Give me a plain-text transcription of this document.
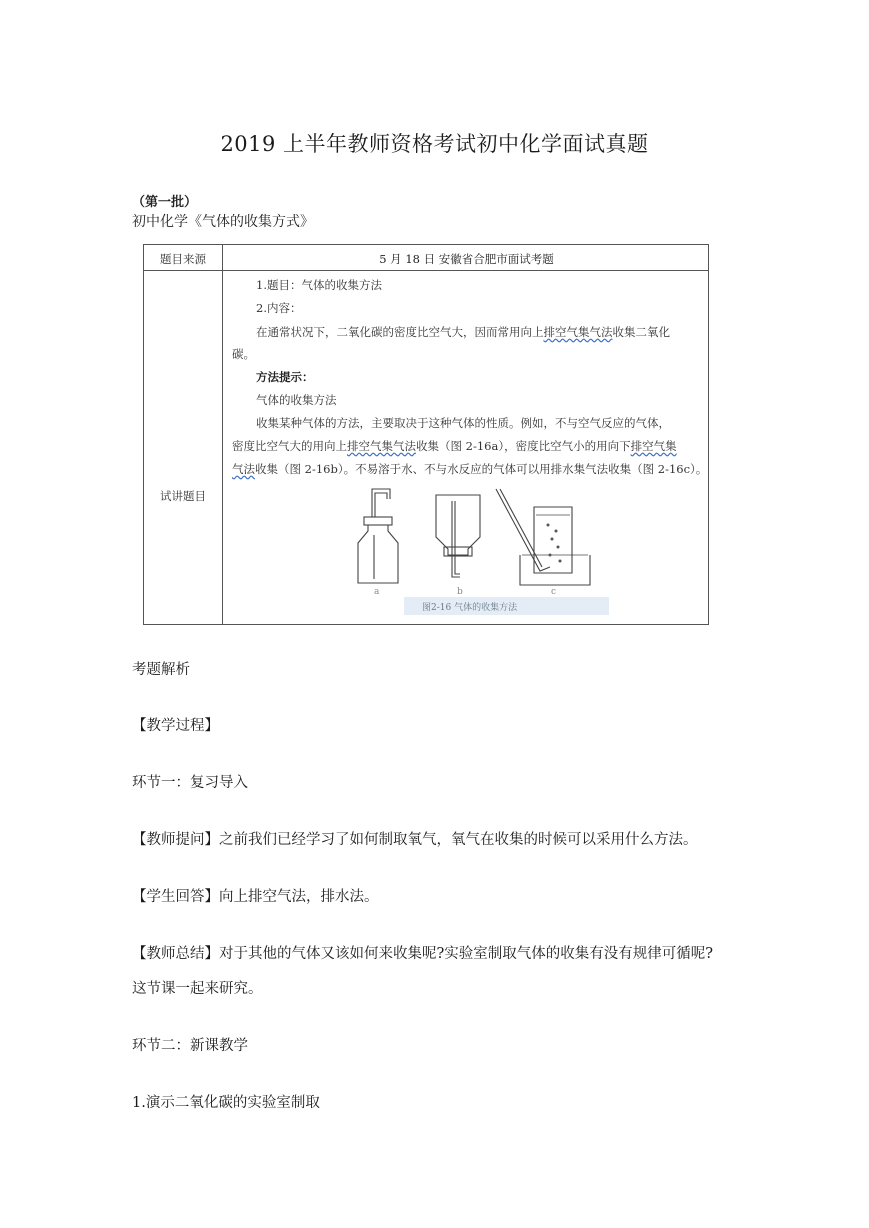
2019 上半年教师资格考试初中化学面试真题
（第一批）
初中化学《气体的收集方式》
题目来源	5 月 18 日 安徽省合肥市面试考题
试讲题目
1.题目：气体的收集方法
2.内容：
在通常状况下，二氧化碳的密度比空气大，因而常用向上排空气集气法收集二氧化
碳。
方法提示：
气体的收集方法
收集某种气体的方法，主要取决于这种气体的性质。例如，不与空气反应的气体，
密度比空气大的用向上排空气集气法收集（图 2-16a），密度比空气小的用向下排空气集
气法收集（图 2-16b）。不易溶于水、不与水反应的气体可以用排水集气法收集（图 2-16c）。
a	b	c
图2-16 气体的收集方法
考题解析
【教学过程】
环节一：复习导入
【教师提问】之前我们已经学习了如何制取氧气，氧气在收集的时候可以采用什么方法。
【学生回答】向上排空气法，排水法。
【教师总结】对于其他的气体又该如何来收集呢?实验室制取气体的收集有没有规律可循呢?
这节课一起来研究。
环节二：新课教学
1.演示二氧化碳的实验室制取
